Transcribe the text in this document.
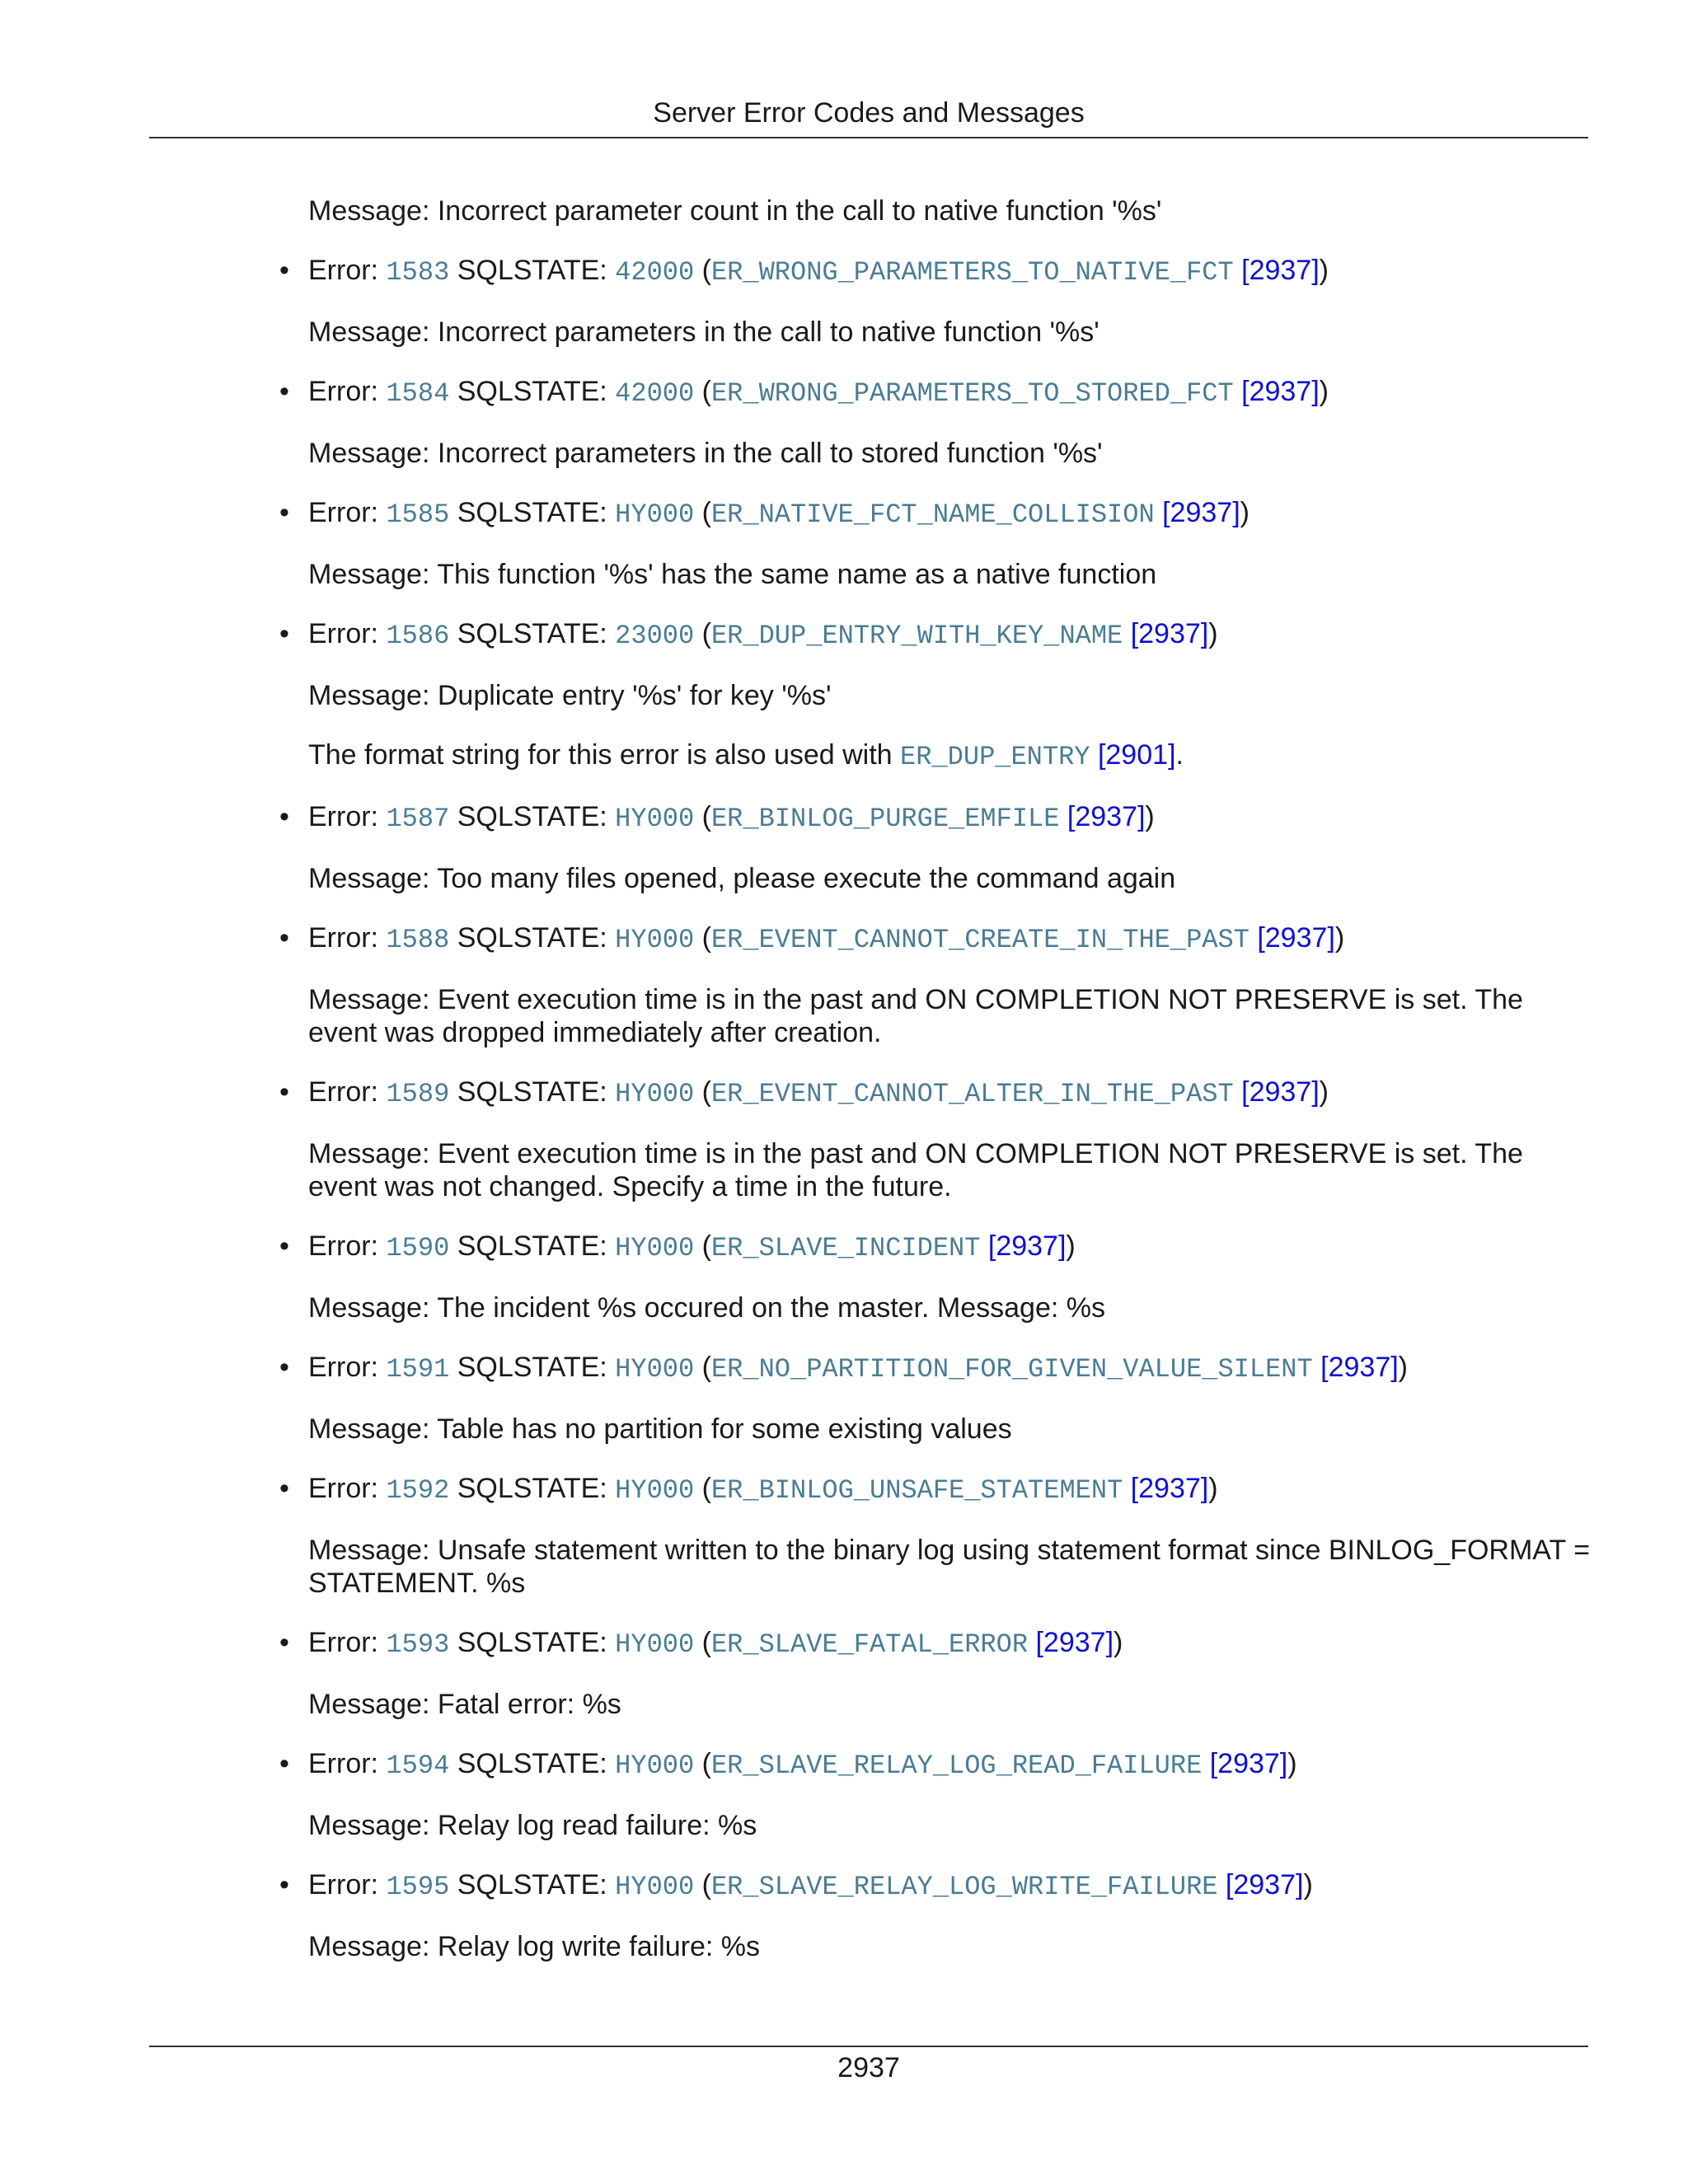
Server Error Codes and Messages

Message: Incorrect parameter count in the call to native function '%s'

• Error: 1583 SQLSTATE: 42000 (ER_WRONG_PARAMETERS_TO_NATIVE_FCT [2937])

Message: Incorrect parameters in the call to native function '%s'

• Error: 1584 SQLSTATE: 42000 (ER_WRONG_PARAMETERS_TO_STORED_FCT [2937])

Message: Incorrect parameters in the call to stored function '%s'

• Error: 1585 SQLSTATE: HY000 (ER_NATIVE_FCT_NAME_COLLISION [2937])

Message: This function '%s' has the same name as a native function

• Error: 1586 SQLSTATE: 23000 (ER_DUP_ENTRY_WITH_KEY_NAME [2937])

Message: Duplicate entry '%s' for key '%s'

The format string for this error is also used with ER_DUP_ENTRY [2901].

• Error: 1587 SQLSTATE: HY000 (ER_BINLOG_PURGE_EMFILE [2937])

Message: Too many files opened, please execute the command again

• Error: 1588 SQLSTATE: HY000 (ER_EVENT_CANNOT_CREATE_IN_THE_PAST [2937])

Message: Event execution time is in the past and ON COMPLETION NOT PRESERVE is set. The event was dropped immediately after creation.

• Error: 1589 SQLSTATE: HY000 (ER_EVENT_CANNOT_ALTER_IN_THE_PAST [2937])

Message: Event execution time is in the past and ON COMPLETION NOT PRESERVE is set. The event was not changed. Specify a time in the future.

• Error: 1590 SQLSTATE: HY000 (ER_SLAVE_INCIDENT [2937])

Message: The incident %s occured on the master. Message: %s

• Error: 1591 SQLSTATE: HY000 (ER_NO_PARTITION_FOR_GIVEN_VALUE_SILENT [2937])

Message: Table has no partition for some existing values

• Error: 1592 SQLSTATE: HY000 (ER_BINLOG_UNSAFE_STATEMENT [2937])

Message: Unsafe statement written to the binary log using statement format since BINLOG_FORMAT = STATEMENT. %s

• Error: 1593 SQLSTATE: HY000 (ER_SLAVE_FATAL_ERROR [2937])

Message: Fatal error: %s

• Error: 1594 SQLSTATE: HY000 (ER_SLAVE_RELAY_LOG_READ_FAILURE [2937])

Message: Relay log read failure: %s

• Error: 1595 SQLSTATE: HY000 (ER_SLAVE_RELAY_LOG_WRITE_FAILURE [2937])

Message: Relay log write failure: %s

2937
